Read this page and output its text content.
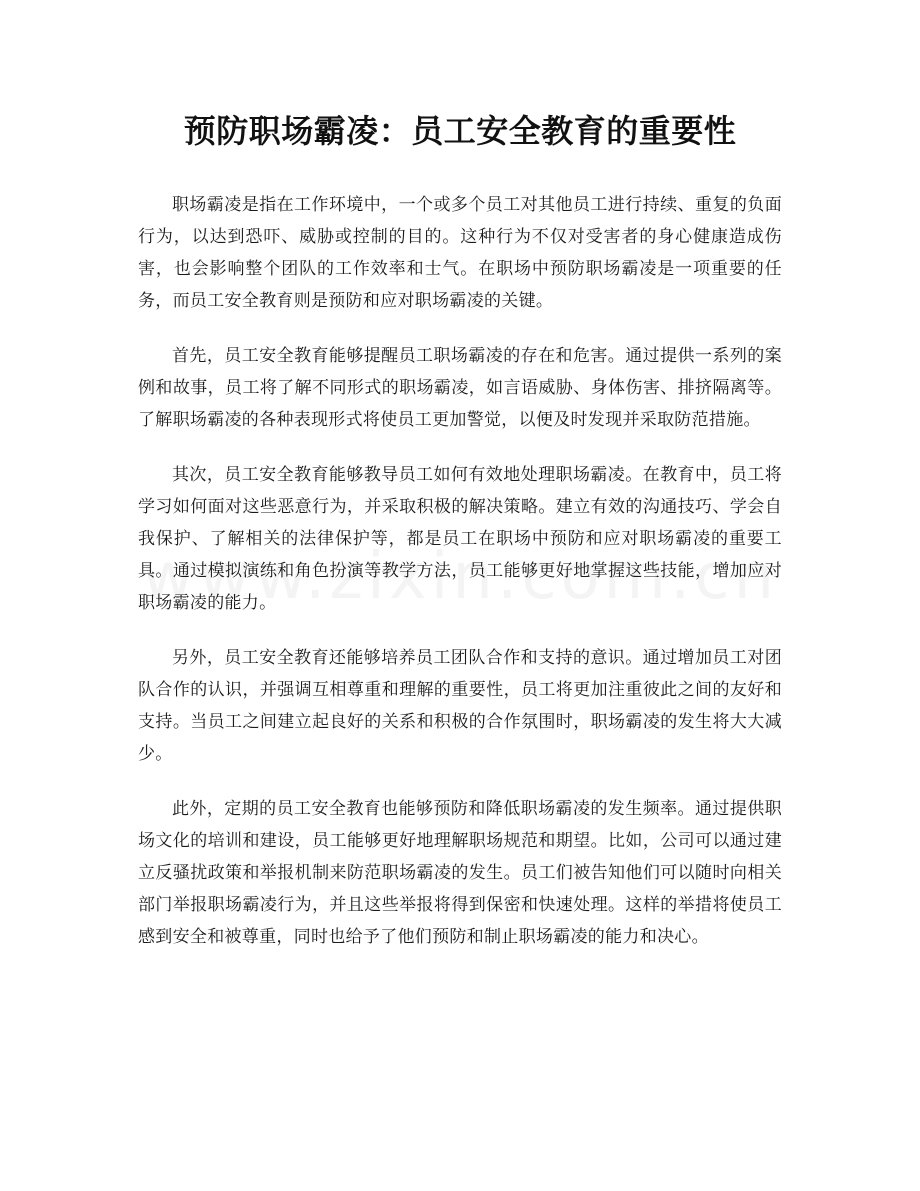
预防职场霸凌：员工安全教育的重要性

职场霸凌是指在工作环境中，一个或多个员工对其他员工进行持续、重复的负面行为，以达到恐吓、威胁或控制的目的。这种行为不仅对受害者的身心健康造成伤害，也会影响整个团队的工作效率和士气。在职场中预防职场霸凌是一项重要的任务，而员工安全教育则是预防和应对职场霸凌的关键。

首先，员工安全教育能够提醒员工职场霸凌的存在和危害。通过提供一系列的案例和故事，员工将了解不同形式的职场霸凌，如言语威胁、身体伤害、排挤隔离等。了解职场霸凌的各种表现形式将使员工更加警觉，以便及时发现并采取防范措施。

其次，员工安全教育能够教导员工如何有效地处理职场霸凌。在教育中，员工将学习如何面对这些恶意行为，并采取积极的解决策略。建立有效的沟通技巧、学会自我保护、了解相关的法律保护等，都是员工在职场中预防和应对职场霸凌的重要工具。通过模拟演练和角色扮演等教学方法，员工能够更好地掌握这些技能，增加应对职场霸凌的能力。

另外，员工安全教育还能够培养员工团队合作和支持的意识。通过增加员工对团队合作的认识，并强调互相尊重和理解的重要性，员工将更加注重彼此之间的友好和支持。当员工之间建立起良好的关系和积极的合作氛围时，职场霸凌的发生将大大减少。

此外，定期的员工安全教育也能够预防和降低职场霸凌的发生频率。通过提供职场文化的培训和建设，员工能够更好地理解职场规范和期望。比如，公司可以通过建立反骚扰政策和举报机制来防范职场霸凌的发生。员工们被告知他们可以随时向相关部门举报职场霸凌行为，并且这些举报将得到保密和快速处理。这样的举措将使员工感到安全和被尊重，同时也给予了他们预防和制止职场霸凌的能力和决心。
